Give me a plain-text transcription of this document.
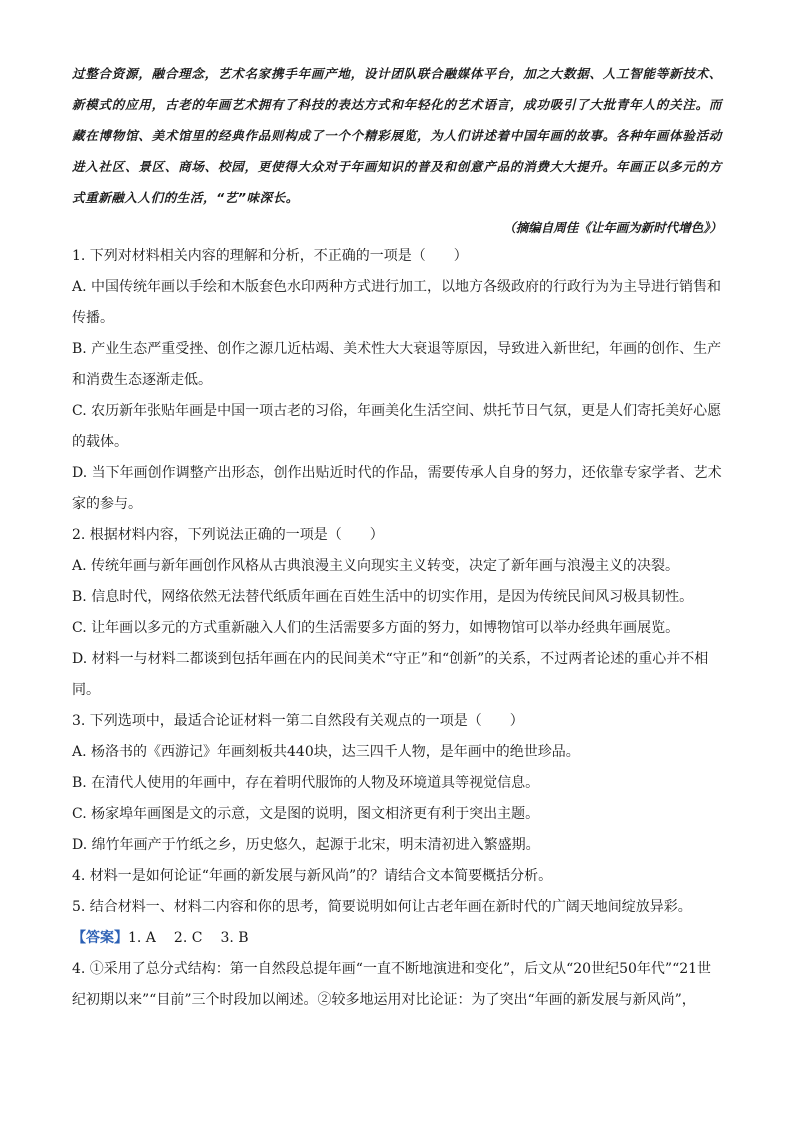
过整合资源，融合理念，艺术名家携手年画产地，设计团队联合融媒体平台，加之大数据、人工智能等新技术、新模式的应用，古老的年画艺术拥有了科技的表达方式和年轻化的艺术语言，成功吸引了大批青年人的关注。而藏在博物馆、美术馆里的经典作品则构成了一个个精彩展览，为人们讲述着中国年画的故事。各种年画体验活动进入社区、景区、商场、校园，更使得大众对于年画知识的普及和创意产品的消费大大提升。年画正以多元的方式重新融入人们的生活，“艺”味深长。
（摘编自周佳《让年画为新时代增色》）

1. 下列对材料相关内容的理解和分析，不正确的一项是（　　）

A. 中国传统年画以手绘和木版套色水印两种方式进行加工，以地方各级政府的行政行为为主导进行销售和传播。

B. 产业生态严重受挫、创作之源几近枯竭、美术性大大衰退等原因，导致进入新世纪，年画的创作、生产和消费生态逐渐走低。

C. 农历新年张贴年画是中国一项古老的习俗，年画美化生活空间、烘托节日气氛，更是人们寄托美好心愿的载体。

D. 当下年画创作调整产出形态，创作出贴近时代的作品，需要传承人自身的努力，还依靠专家学者、艺术家的参与。

2. 根据材料内容，下列说法正确的一项是（　　）

A. 传统年画与新年画创作风格从古典浪漫主义向现实主义转变，决定了新年画与浪漫主义的决裂。

B. 信息时代，网络依然无法替代纸质年画在百姓生活中的切实作用，是因为传统民间风习极具韧性。

C. 让年画以多元的方式重新融入人们的生活需要多方面的努力，如博物馆可以举办经典年画展览。

D. 材料一与材料二都谈到包括年画在内的民间美术“守正”和“创新”的关系，不过两者论述的重心并不相同。

3. 下列选项中，最适合论证材料一第二自然段有关观点的一项是（　　）

A. 杨洛书的《西游记》年画刻板共440块，达三四千人物，是年画中的绝世珍品。

B. 在清代人使用的年画中，存在着明代服饰的人物及环境道具等视觉信息。

C. 杨家埠年画图是文的示意，文是图的说明，图文相济更有利于突出主题。

D. 绵竹年画产于竹纸之乡，历史悠久，起源于北宋，明末清初进入繁盛期。

4. 材料一是如何论证“年画的新发展与新风尚”的？请结合文本简要概括分析。

5. 结合材料一、材料二内容和你的思考，简要说明如何让古老年画在新时代的广阔天地间绽放异彩。

【答案】1. A 2. C 3. B

4. ①采用了总分式结构：第一自然段总提年画“一直不断地演进和变化”，后文从“20世纪50年代”“21世纪初期以来”“目前”三个时段加以阐述。②较多地运用对比论证：为了突出“年画的新发展与新风尚”，
